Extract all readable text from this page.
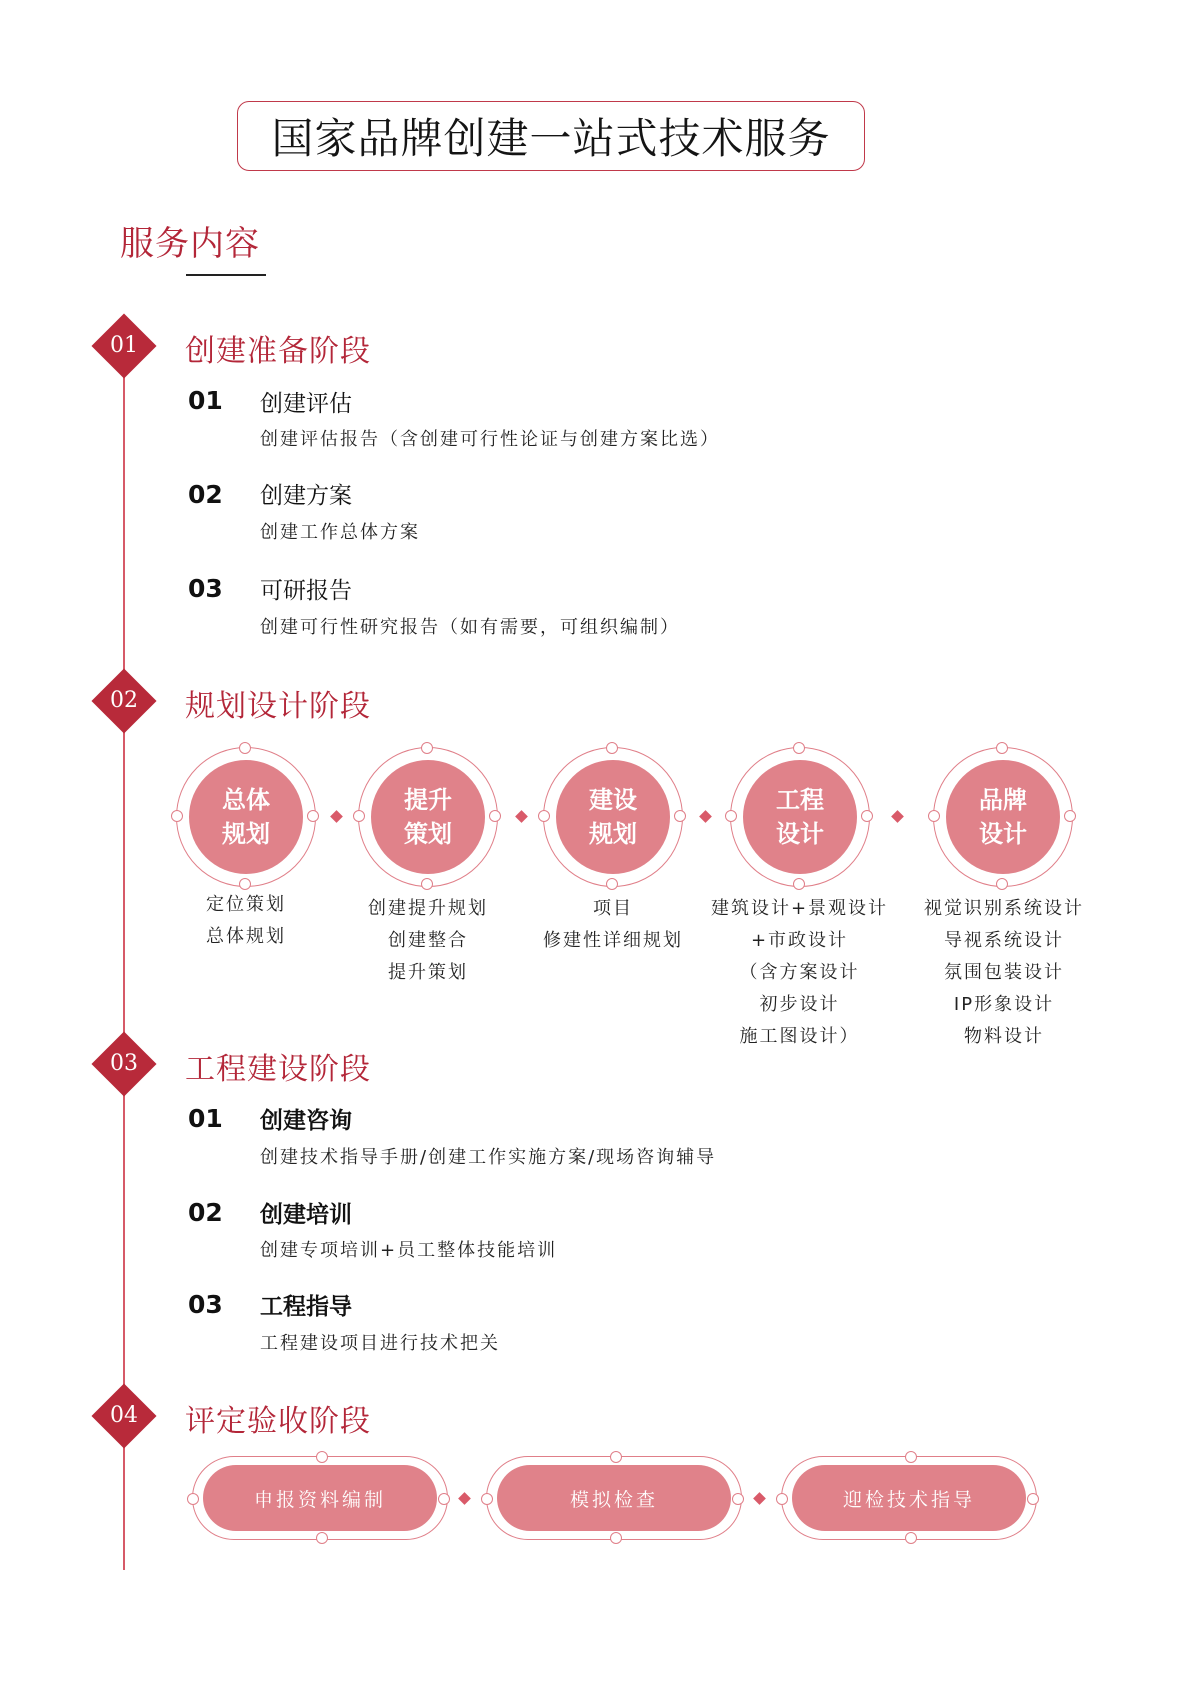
国家品牌创建一站式技术服务
服务内容
01	创建准备阶段
01 创建评估
创建评估报告（含创建可行性论证与创建方案比选）
02 创建方案
创建工作总体方案
03 可研报告
创建可行性研究报告（如有需要，可组织编制）
02	规划设计阶段
总体
规划
提升
策划
建设
规划
工程
设计
品牌
设计
定位策划
总体规划
创建提升规划
创建整合
提升策划
项目
修建性详细规划
建筑设计+景观设计
+市政设计
（含方案设计
初步设计
施工图设计）
视觉识别系统设计
导视系统设计
氛围包装设计
IP形象设计
物料设计
03	工程建设阶段
01 创建咨询
创建技术指导手册/创建工作实施方案/现场咨询辅导
02 创建培训
创建专项培训+员工整体技能培训
03 工程指导
工程建设项目进行技术把关
04	评定验收阶段
申报资料编制	模拟检查	迎检技术指导
